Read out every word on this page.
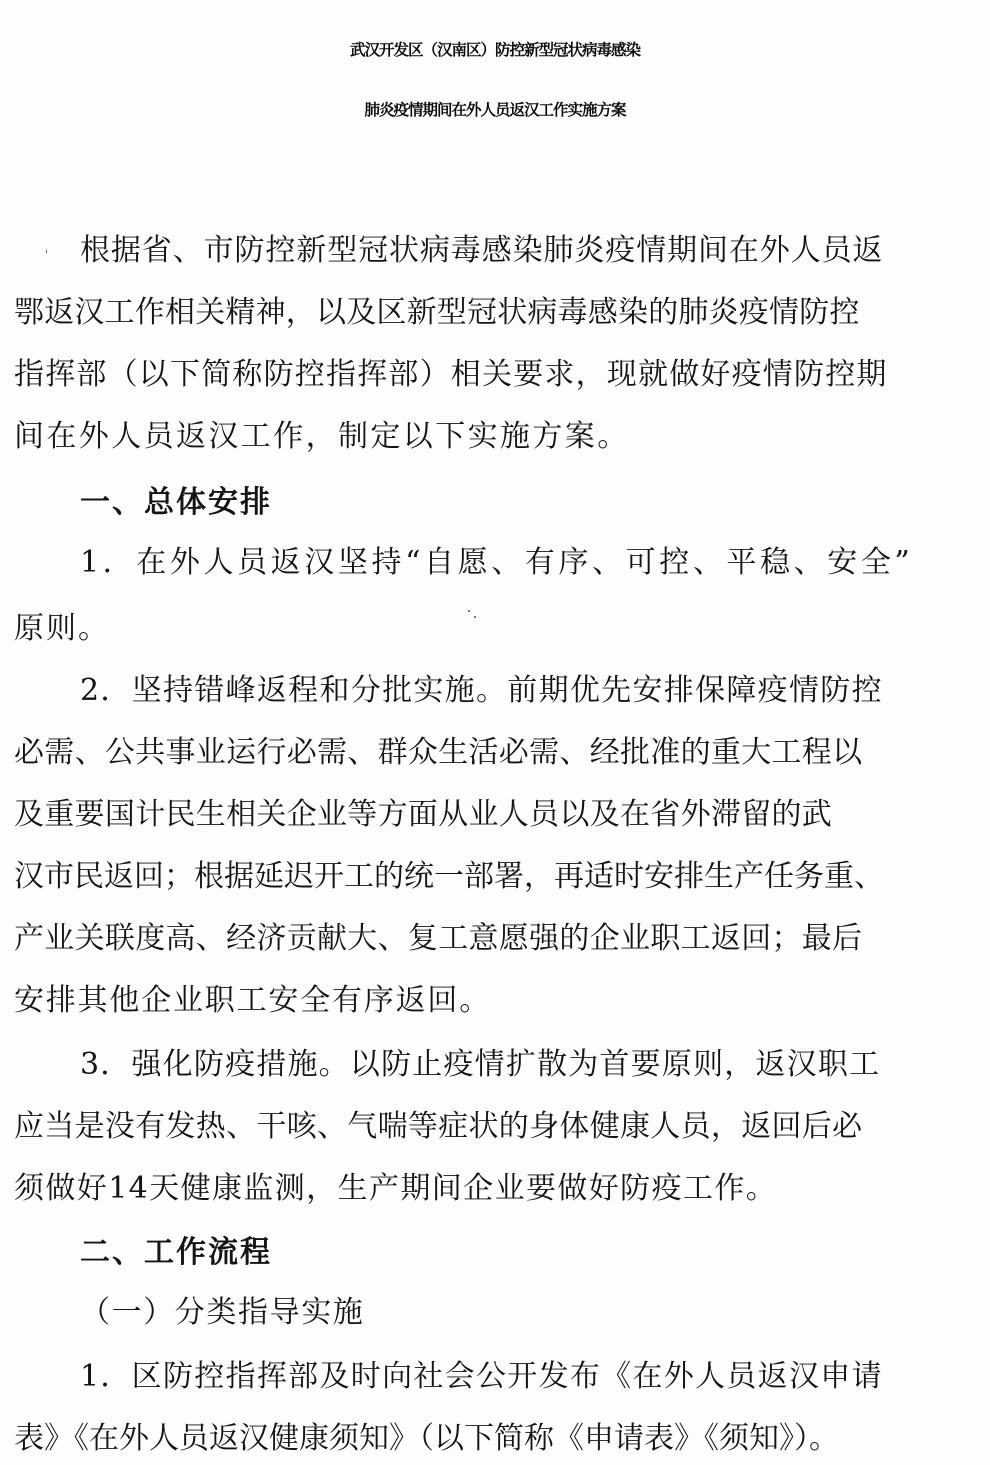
武汉开发区（汉南区）防控新型冠状病毒感染
肺炎疫情期间在外人员返汉工作实施方案
根据省、市防控新型冠状病毒感染肺炎疫情期间在外人员返
鄂返汉工作相关精神，以及区新型冠状病毒感染的肺炎疫情防控
指挥部（以下简称防控指挥部）相关要求，现就做好疫情防控期
间在外人员返汉工作，制定以下实施方案。
一、总体安排
1．在外人员返汉坚持“自愿、有序、可控、平稳、安全”
原则。
2．坚持错峰返程和分批实施。前期优先安排保障疫情防控
必需、公共事业运行必需、群众生活必需、经批准的重大工程以
及重要国计民生相关企业等方面从业人员以及在省外滞留的武
汉市民返回；根据延迟开工的统一部署，再适时安排生产任务重、
产业关联度高、经济贡献大、复工意愿强的企业职工返回；最后
安排其他企业职工安全有序返回。
3．强化防疫措施。以防止疫情扩散为首要原则，返汉职工
应当是没有发热、干咳、气喘等症状的身体健康人员，返回后必
须做好14天健康监测，生产期间企业要做好防疫工作。
二、工作流程
（一）分类指导实施
1．区防控指挥部及时向社会公开发布《在外人员返汉申请
表》《在外人员返汉健康须知》（以下简称《申请表》《须知》）。
